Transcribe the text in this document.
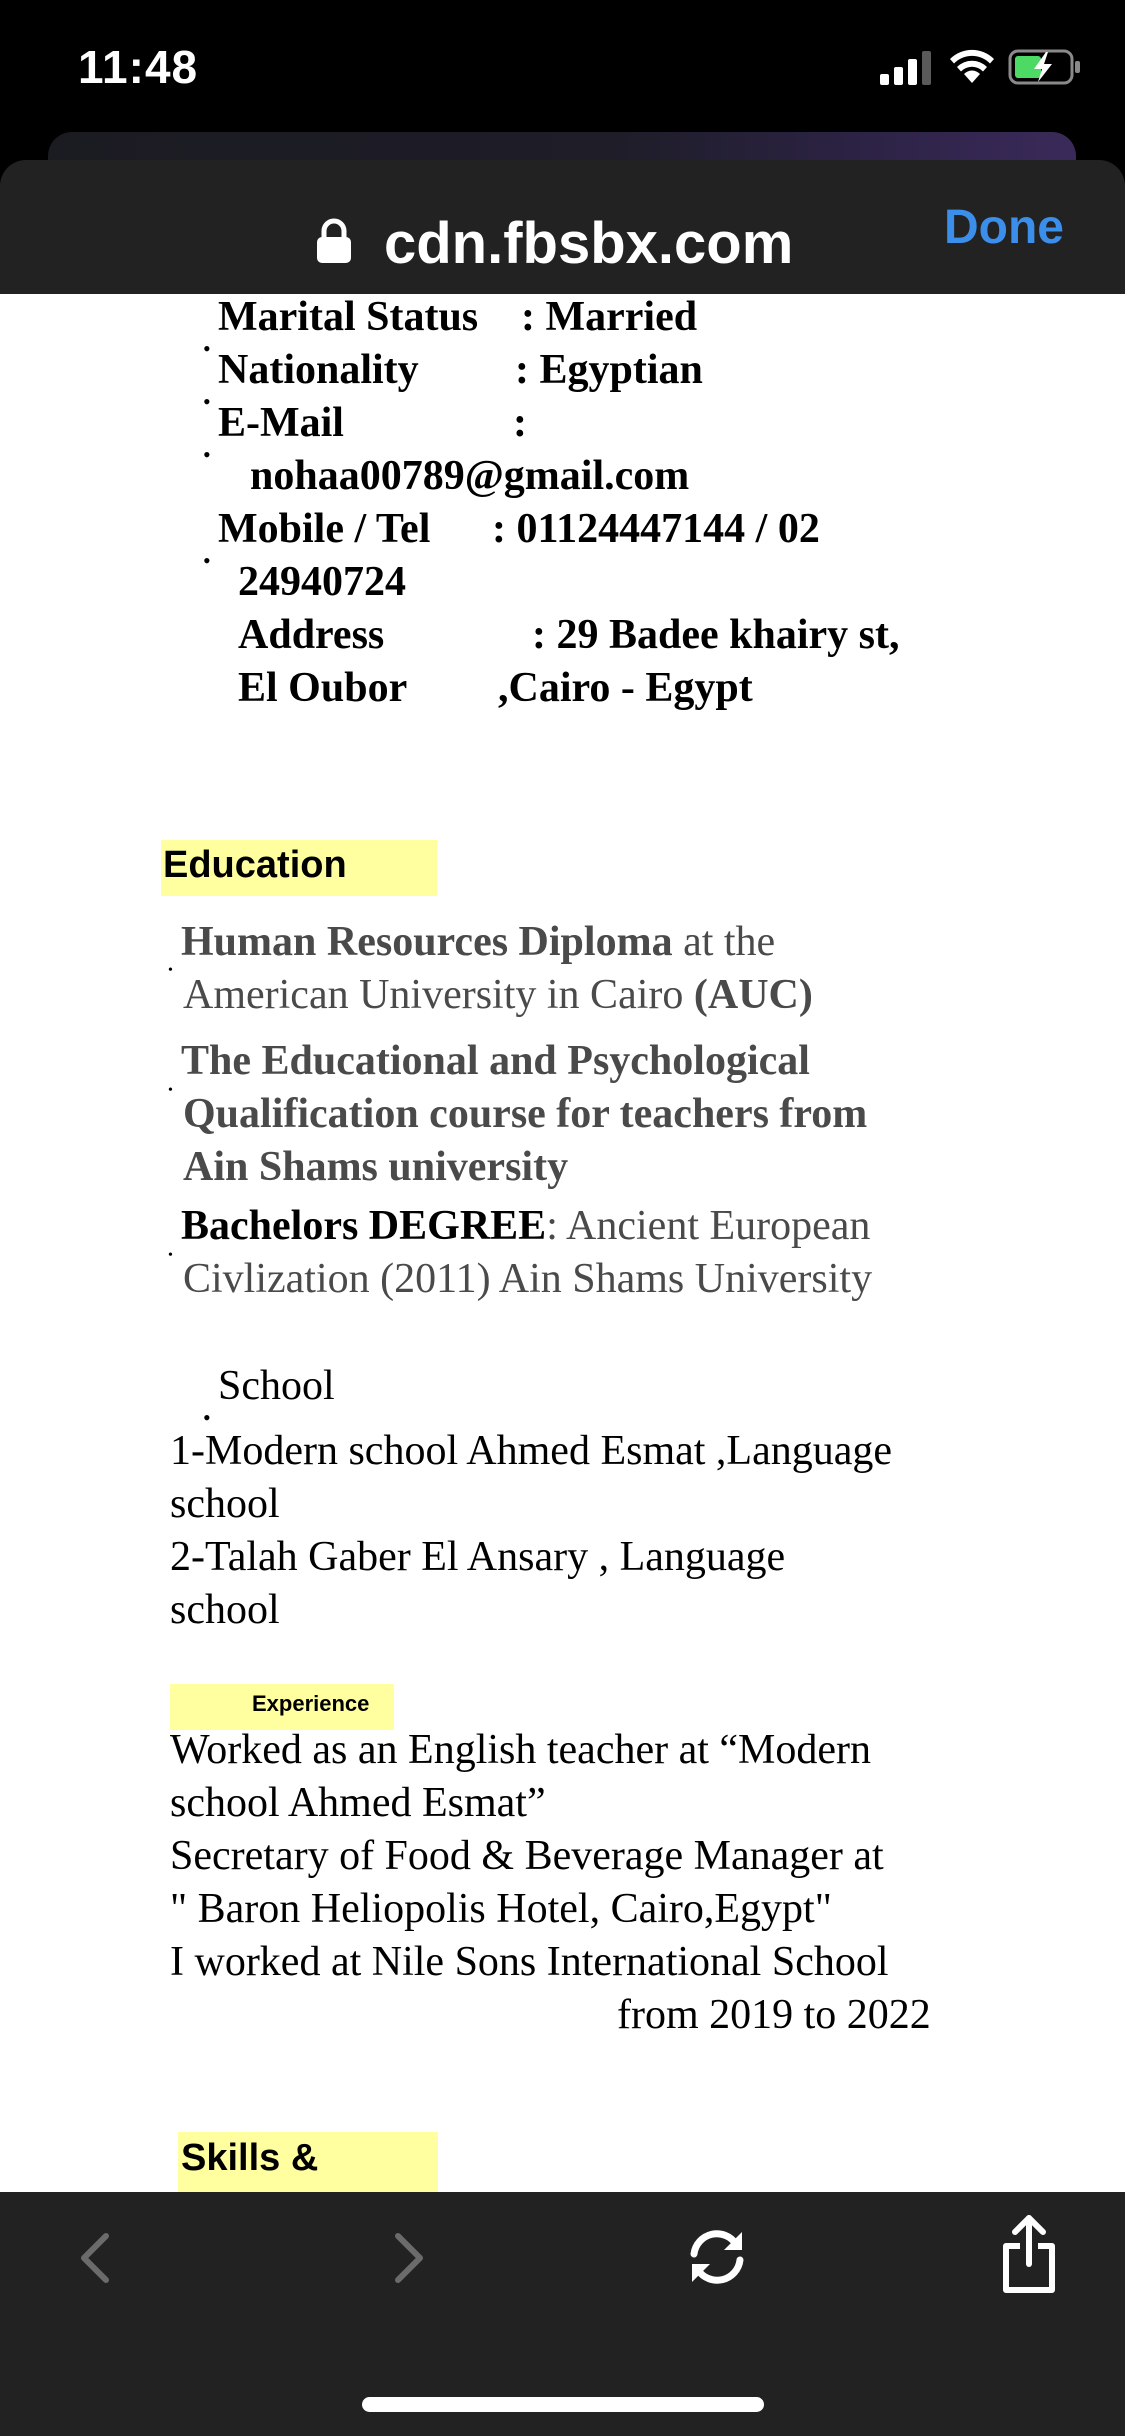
11:48
cdn.fbsbx.com	Done
•
Marital Status : Married
•
Nationality : Egyptian
•
E-Mail	:
nohaa00789@gmail.com
•
Mobile / Tel : 01124447144 / 02
24940724
Address	: 29 Badee khairy st,
El Oubor ,Cairo - Egypt
Education
•
Human Resources Diploma at the
American University in Cairo (AUC)
•
The Educational and Psychological
Qualification course for teachers from
Ain Shams university
•
Bachelors DEGREE: Ancient European
Civlization (2011) Ain Shams University
•
School
1-Modern school Ahmed Esmat ,Language
school
2-Talah Gaber El Ansary , Language
school
Experience
Worked as an English teacher at “Modern
school Ahmed Esmat”
Secretary of Food & Beverage Manager at
" Baron Heliopolis Hotel, Cairo,Egypt"
I worked at Nile Sons International School
from 2019 to 2022
Skills &
